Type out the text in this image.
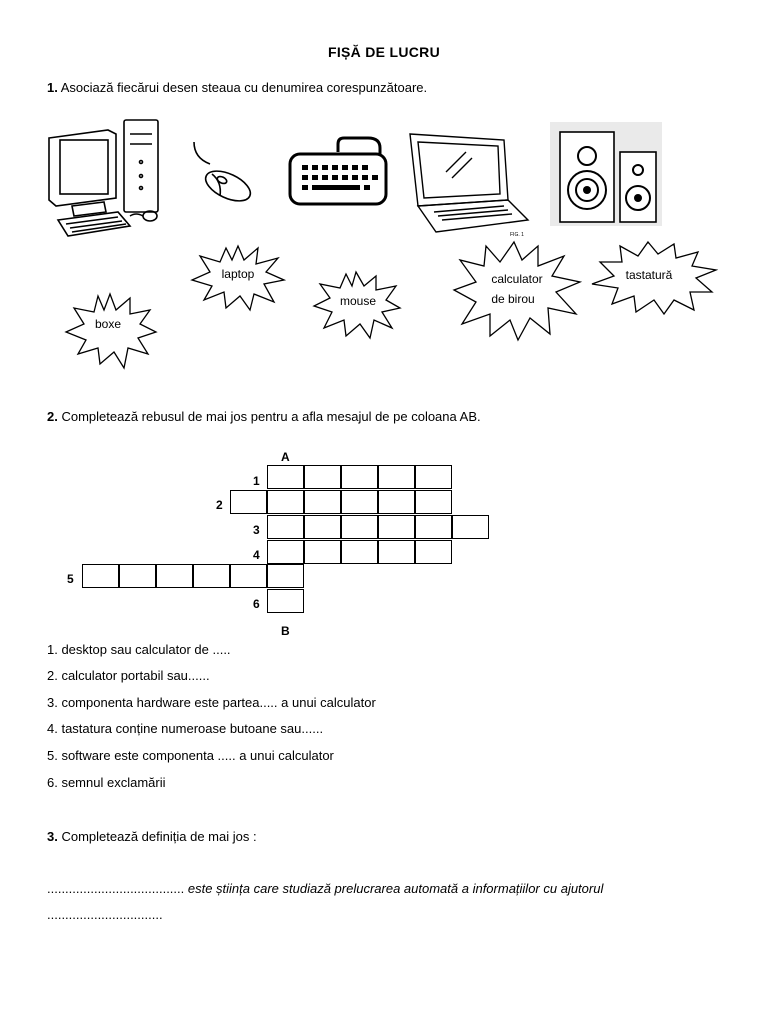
FIȘĂ DE LUCRU
1. Asociază fiecărui desen steaua cu denumirea corespunzătoare.
FIG. 1
laptop
mouse
calculator
de birou
tastatură
boxe
2. Completează rebusul de mai jos pentru a afla mesajul de pe coloana AB.
A
B
1
2
3
4
5
6
1. desktop sau calculator de .....
2. calculator portabil sau......
3. componenta hardware este partea..... a unui calculator
4. tastatura conține numeroase butoane sau......
5. software este componenta ..... a unui calculator
6. semnul exclamării
3. Completează definiția de mai jos :
...................................... este știința care studiază prelucrarea automată a informațiilor cu ajutorul
................................
